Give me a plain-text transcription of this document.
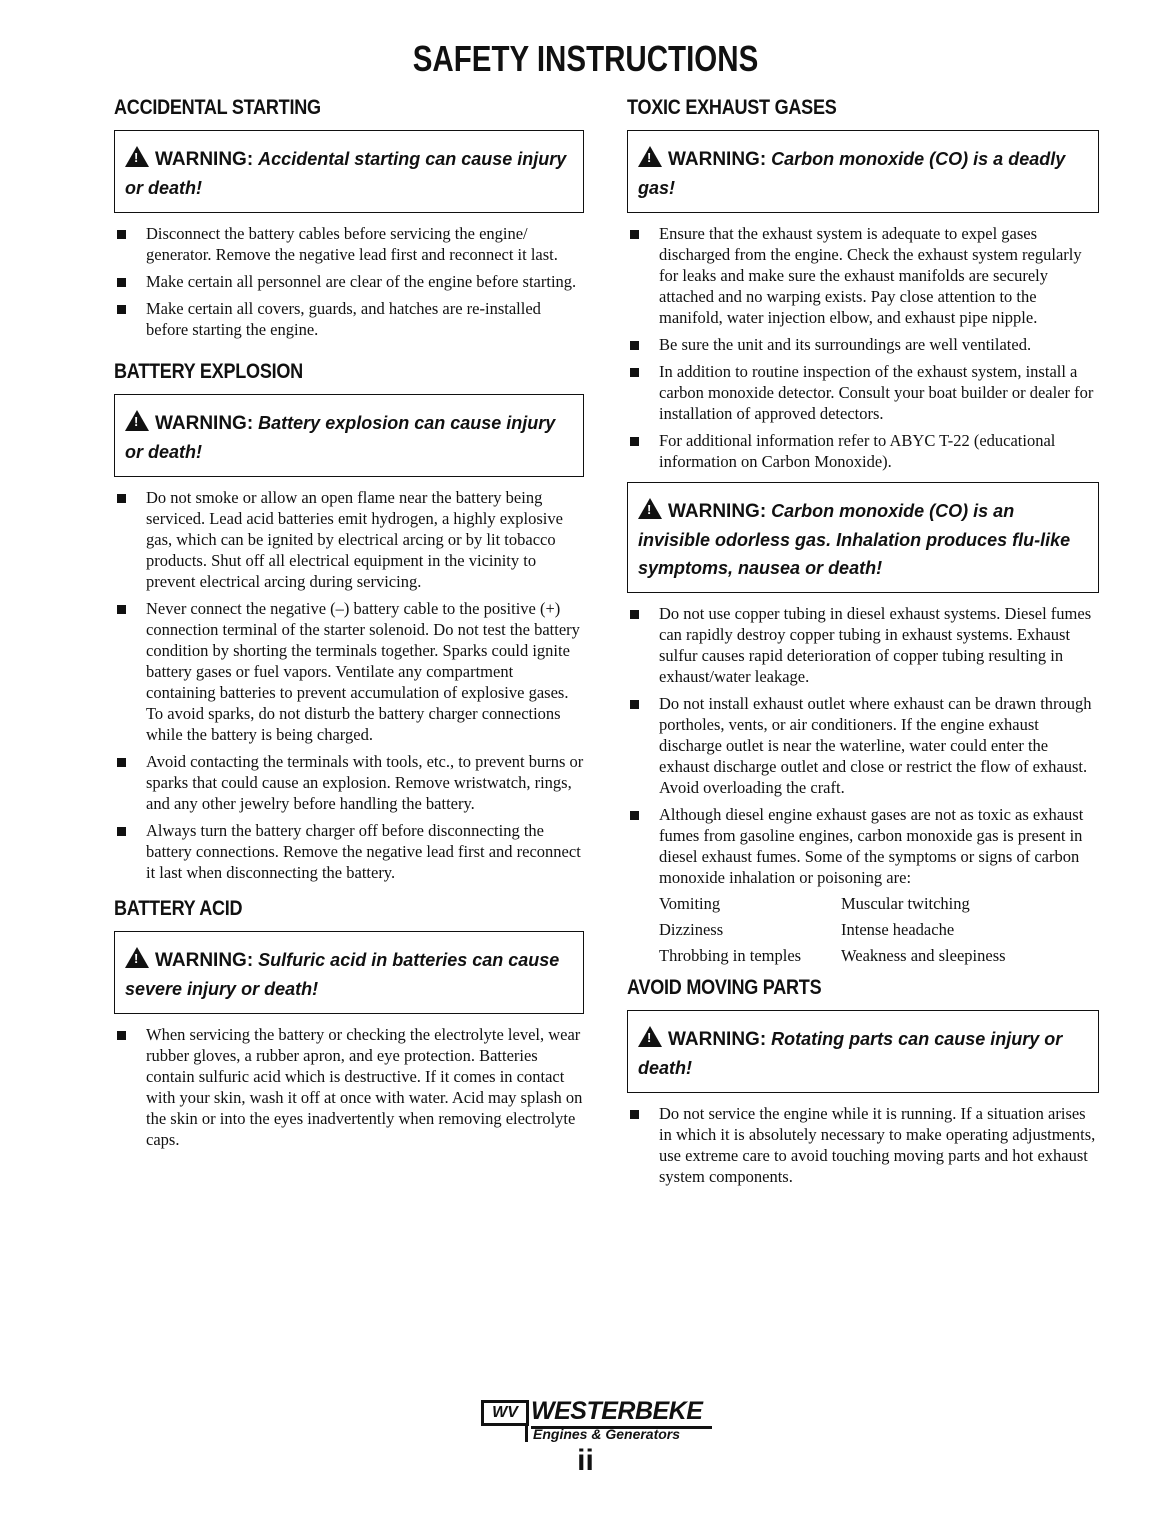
SAFETY INSTRUCTIONS
ACCIDENTAL STARTING
!WARNING: Accidental starting can cause injury or death!
Disconnect the battery cables before servicing the engine/ generator. Remove the negative lead first and reconnect it last.
Make certain all personnel are clear of the engine before starting.
Make certain all covers, guards, and hatches are re-installed before starting the engine.
BATTERY EXPLOSION
!WARNING: Battery explosion can cause injury or death!
Do not smoke or allow an open flame near the battery being serviced. Lead acid batteries emit hydrogen, a highly explosive gas, which can be ignited by electrical arcing or by lit tobacco products. Shut off all electrical equipment in the vicinity to prevent electrical arcing during servicing.
Never connect the negative (–) battery cable to the positive (+) connection terminal of the starter solenoid. Do not test the battery condition by shorting the terminals together. Sparks could ignite battery gases or fuel vapors. Ventilate any compartment containing batteries to prevent accumulation of explosive gases. To avoid sparks, do not disturb the battery charger connections while the battery is being charged.
Avoid contacting the terminals with tools, etc., to prevent burns or sparks that could cause an explosion. Remove wristwatch, rings, and any other jewelry before handling the battery.
Always turn the battery charger off before disconnecting the battery connections. Remove the negative lead first and reconnect it last when disconnecting the battery.
BATTERY ACID
!WARNING: Sulfuric acid in batteries can cause severe injury or death!
When servicing the battery or checking the electrolyte level, wear rubber gloves, a rubber apron, and eye protection. Batteries contain sulfuric acid which is destructive. If it comes in contact with your skin, wash it off at once with water. Acid may splash on the skin or into the eyes inadvertently when removing electrolyte caps.
TOXIC EXHAUST GASES
!WARNING: Carbon monoxide (CO) is a deadly gas!
Ensure that the exhaust system is adequate to expel gases discharged from the engine. Check the exhaust system regularly for leaks and make sure the exhaust manifolds are securely attached and no warping exists. Pay close attention to the manifold, water injection elbow, and exhaust pipe nipple.
Be sure the unit and its surroundings are well ventilated.
In addition to routine inspection of the exhaust system, install a carbon monoxide detector. Consult your boat builder or dealer for installation of approved detectors.
For additional information refer to ABYC T-22 (educational information on Carbon Monoxide).
!WARNING: Carbon monoxide (CO) is an invisible odorless gas. Inhalation produces flu-like symptoms, nausea or death!
Do not use copper tubing in diesel exhaust systems. Diesel fumes can rapidly destroy copper tubing in exhaust systems. Exhaust sulfur causes rapid deterioration of copper tubing resulting in exhaust/water leakage.
Do not install exhaust outlet where exhaust can be drawn through portholes, vents, or air conditioners. If the engine exhaust discharge outlet is near the waterline, water could enter the exhaust discharge outlet and close or restrict the flow of exhaust. Avoid overloading the craft.
Although diesel engine exhaust gases are not as toxic as exhaust fumes from gasoline engines, carbon monoxide gas is present in diesel exhaust fumes. Some of the symptoms or signs of carbon monoxide inhalation or poisoning are:
Vomiting	Muscular twitching
Dizziness	Intense headache
Throbbing in temples	Weakness and sleepiness
AVOID MOVING PARTS
!WARNING: Rotating parts can cause injury or death!
Do not service the engine while it is running. If a situation arises in which it is absolutely necessary to make operating adjustments, use extreme care to avoid touching moving parts and hot exhaust system components.
WV WESTERBEKE
Engines & Generators
ii
